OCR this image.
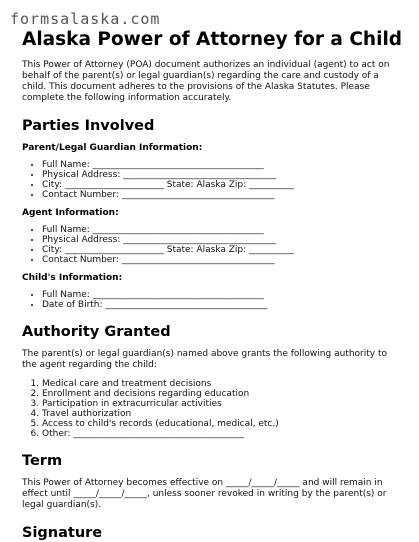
formsalaska.com
Alaska Power of Attorney for a Child

This Power of Attorney (POA) document authorizes an individual (agent) to act on behalf of the parent(s) or legal guardian(s) regarding the care and custody of a child. This document adheres to the provisions of the Alaska Statutes. Please complete the following information accurately.

Parties Involved
Parent/Legal Guardian Information:
• Full Name: ______________________________________
• Physical Address: __________________________________
• City: ______________________ State: Alaska Zip: __________
• Contact Number: __________________________________
Agent Information:
• Full Name: ______________________________________
• Physical Address: __________________________________
• City: ______________________ State: Alaska Zip: __________
• Contact Number: __________________________________
Child's Information:
• Full Name: ______________________________________
• Date of Birth: ____________________________________
Authority Granted

The parent(s) or legal guardian(s) named above grants the following authority to the agent regarding the child:

1. Medical care and treatment decisions
2. Enrollment and decisions regarding education
3. Participation in extracurricular activities
4. Travel authorization
5. Access to child's records (educational, medical, etc.)
6. Other: ______________________________________
Term

This Power of Attorney becomes effective on _____/_____/_____ and will remain in effect until _____/_____/_____, unless sooner revoked in writing by the parent(s) or legal guardian(s).

Signature
